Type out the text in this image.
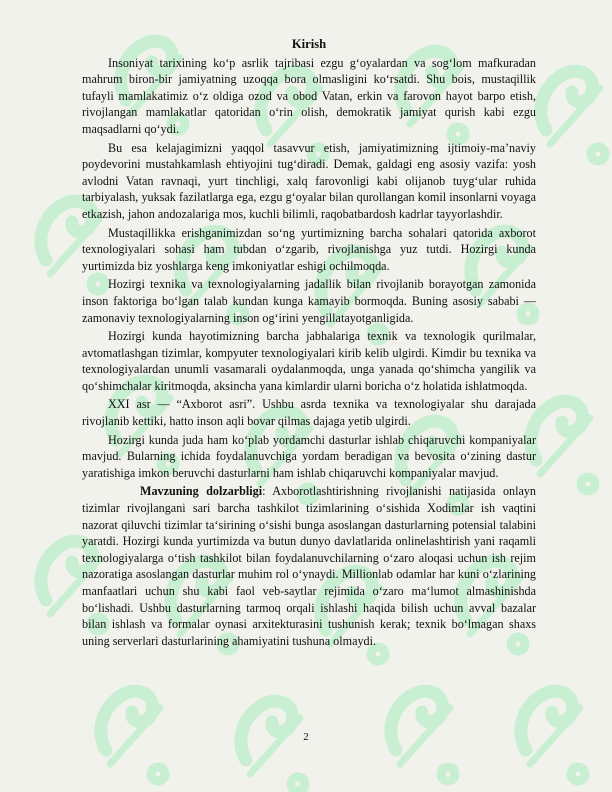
Kirish

Insoniyat tarixining ko‘p asrlik tajribasi ezgu g‘oyalardan va sog‘lom mafkuradan mahrum biron-bir jamiyatning uzoqqa bora olmasligini ko‘rsatdi. Shu bois, mustaqillik tufayli mamlakatimiz o‘z oldiga ozod va obod Vatan, erkin va farovon hayot barpo etish, rivojlangan mamlakatlar qatoridan o‘rin olish, demokratik jamiyat qurish kabi ezgu maqsadlarni qo‘ydi.

Bu esa kelajagimizni yaqqol tasavvur etish, jamiyatimizning ijtimoiy-ma’naviy poydevorini mustahkamlash ehtiyojini tug‘diradi. Demak, galdagi eng asosiy vazifa: yosh avlodni Vatan ravnaqi, yurt tinchligi, xalq farovonligi kabi olijanob tuyg‘ular ruhida tarbiyalash, yuksak fazilatlarga ega, ezgu g‘oyalar bilan qurollangan komil insonlarni voyaga etkazish, jahon andozalariga mos, kuchli bilimli, raqobatbardosh kadrlar tayyorlashdir.

Mustaqillikka erishganimizdan so‘ng yurtimizning barcha sohalari qatorida axborot texnologiyalari sohasi ham tubdan o‘zgarib, rivojlanishga yuz tutdi. Hozirgi kunda yurtimizda biz yoshlarga keng imkoniyatlar eshigi ochilmoqda.

Hozirgi texnika va texnologiyalarning jadallik bilan rivojlanib borayotgan zamonida inson faktoriga bo‘lgan talab kundan kunga kamayib bormoqda. Buning asosiy sababi — zamonaviy texnologiyalarning inson og‘irini yengillatayotganligida.

Hozirgi kunda hayotimizning barcha jabhalariga texnik va texnologik qurilmalar, avtomatlashgan tizimlar, kompyuter texnologiyalari kirib kelib ulgirdi. Kimdir bu texnika va texnologiyalardan unumli vasamarali oydalanmoqda, unga yanada qo‘shimcha yangilik va qo‘shimchalar kiritmoqda, aksincha yana kimlardir ularni boricha o‘z holatida ishlatmoqda.

XXI asr — “Axborot asri”. Ushbu asrda texnika va texnologiyalar shu darajada rivojlanib kettiki, hatto inson aqli bovar qilmas dajaga yetib ulgirdi.

Hozirgi kunda juda ham ko‘plab yordamchi dasturlar ishlab chiqaruvchi kompaniyalar mavjud. Bularning ichida foydalanuvchiga yordam beradigan va bevosita o‘zining dastur yaratishiga imkon beruvchi dasturlarni ham ishlab chiqaruvchi kompaniyalar mavjud.

Mavzuning dolzarbligi: Axborotlashtirishning rivojlanishi natijasida onlayn tizimlar rivojlangani sari barcha tashkilot tizimlarining o‘sishida Xodimlar ish vaqtini nazorat qiluvchi tizimlar ta‘sirining o‘sishi bunga asoslangan dasturlarning potensial talabini yaratdi. Hozirgi kunda yurtimizda va butun dunyo davlatlarida onlinelashtirish yani raqamli texnologiyalarga o‘tish tashkilot bilan foydalanuvchilarning o‘zaro aloqasi uchun ish rejim nazoratiga asoslangan dasturlar muhim rol o‘ynaydi. Millionlab odamlar har kuni o‘zlarining manfaatlari uchun shu kabi faol veb-saytlar rejimida o‘zaro ma‘lumot almashinishda bo‘lishadi. Ushbu dasturlarning tarmoq orqali ishlashi haqida bilish uchun avval bazalar bilan ishlash va formalar oynasi arxitekturasini tushunish kerak; texnik bo‘lmagan shaxs uning serverlari dasturlarining ahamiyatini tushuna olmaydi.

2
